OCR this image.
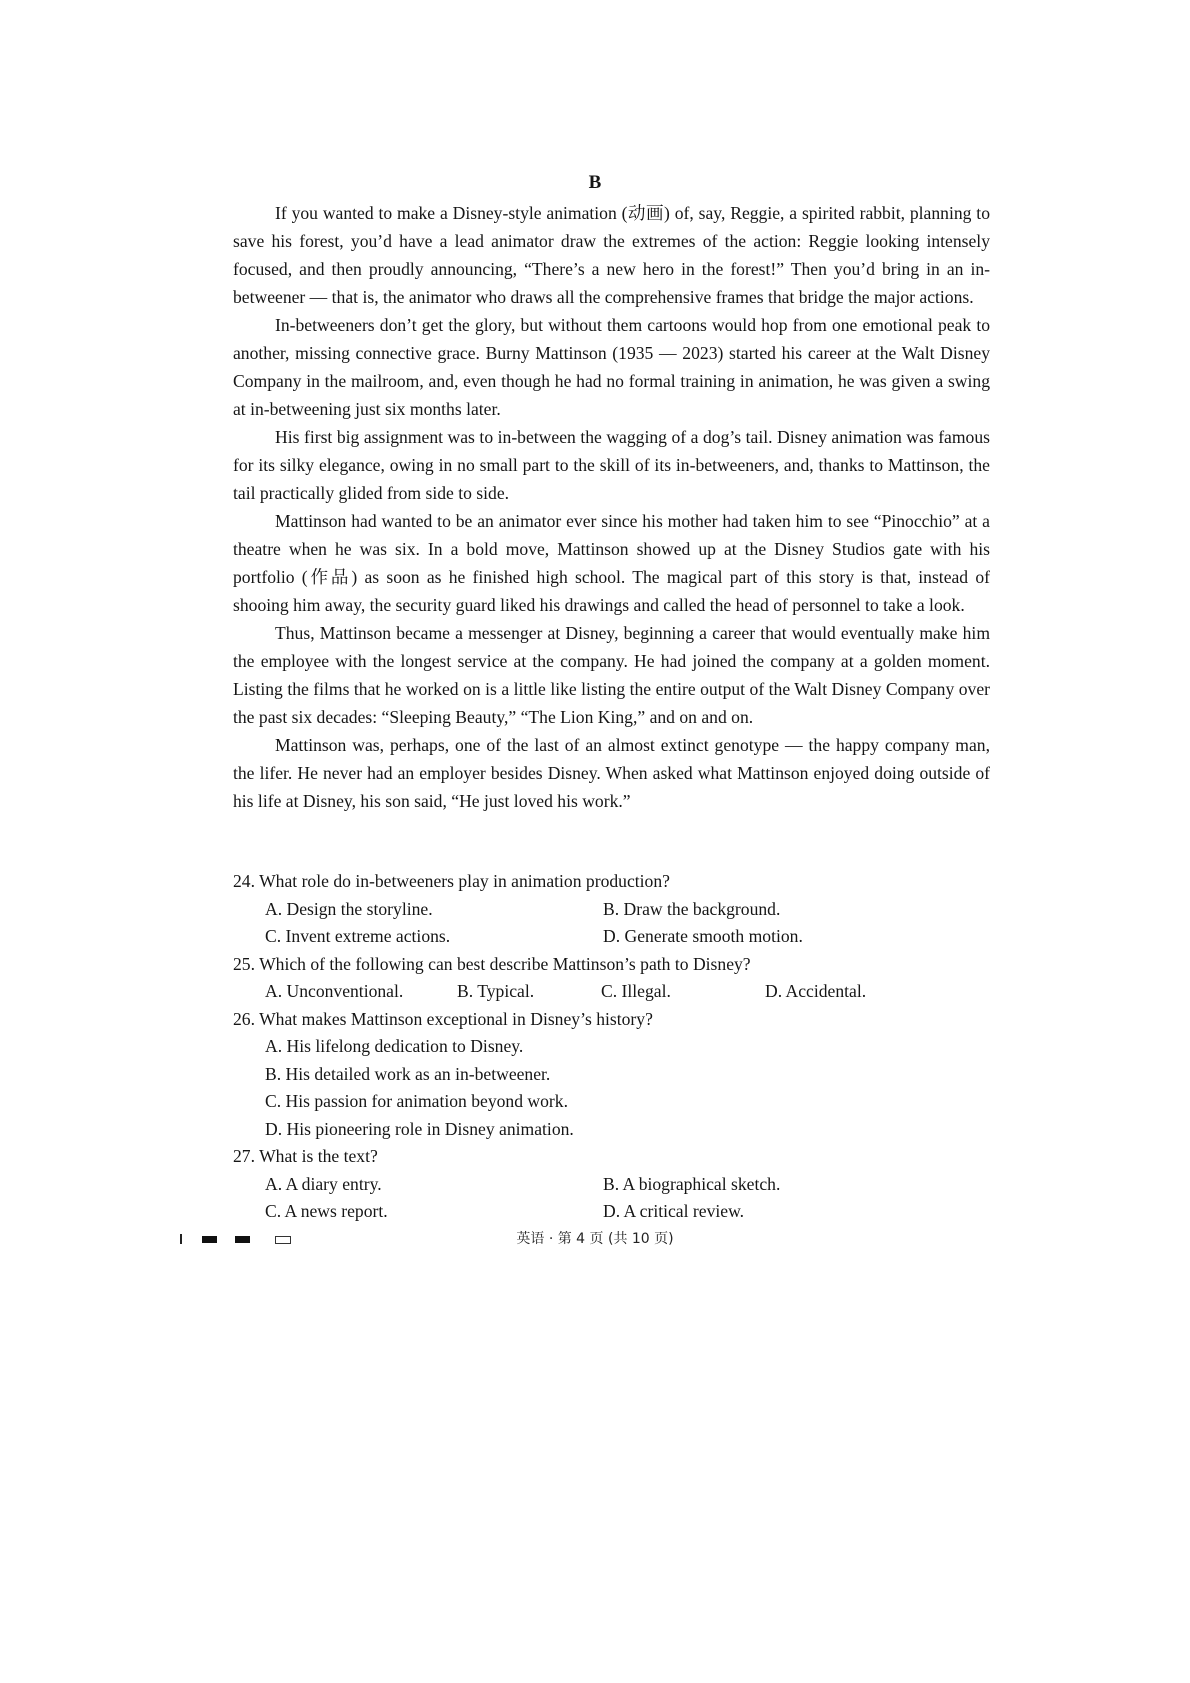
B

If you wanted to make a Disney-style animation (动画) of, say, Reggie, a spirited rabbit, planning to save his forest, you’d have a lead animator draw the extremes of the action: Reggie looking intensely focused, and then proudly announcing, “There’s a new hero in the forest!” Then you’d bring in an in-betweener — that is, the animator who draws all the comprehensive frames that bridge the major actions.

In-betweeners don’t get the glory, but without them cartoons would hop from one emotional peak to another, missing connective grace. Burny Mattinson (1935 — 2023) started his career at the Walt Disney Company in the mailroom, and, even though he had no formal training in animation, he was given a swing at in-betweening just six months later.

His first big assignment was to in-between the wagging of a dog’s tail. Disney animation was famous for its silky elegance, owing in no small part to the skill of its in-betweeners, and, thanks to Mattinson, the tail practically glided from side to side.

Mattinson had wanted to be an animator ever since his mother had taken him to see “Pinocchio” at a theatre when he was six. In a bold move, Mattinson showed up at the Disney Studios gate with his portfolio (作品) as soon as he finished high school. The magical part of this story is that, instead of shooing him away, the security guard liked his drawings and called the head of personnel to take a look.

Thus, Mattinson became a messenger at Disney, beginning a career that would eventually make him the employee with the longest service at the company. He had joined the company at a golden moment. Listing the films that he worked on is a little like listing the entire output of the Walt Disney Company over the past six decades: “Sleeping Beauty,” “The Lion King,” and on and on.

Mattinson was, perhaps, one of the last of an almost extinct genotype — the happy company man, the lifer. He never had an employer besides Disney. When asked what Mattinson enjoyed doing outside of his life at Disney, his son said, “He just loved his work.”

24. What role do in-betweeners play in animation production?

A. Design the storyline.	B. Draw the background.
C. Invent extreme actions.	D. Generate smooth motion.

25. Which of the following can best describe Mattinson’s path to Disney?

A. Unconventional.	B. Typical.	C. Illegal.	D. Accidental.

26. What makes Mattinson exceptional in Disney’s history?

A. His lifelong dedication to Disney.
B. His detailed work as an in-betweener.
C. His passion for animation beyond work.
D. His pioneering role in Disney animation.

27. What is the text?

A. A diary entry.	B. A biographical sketch.
C. A news report.	D. A critical review.
英语 · 第 4 页 (共 10 页)
